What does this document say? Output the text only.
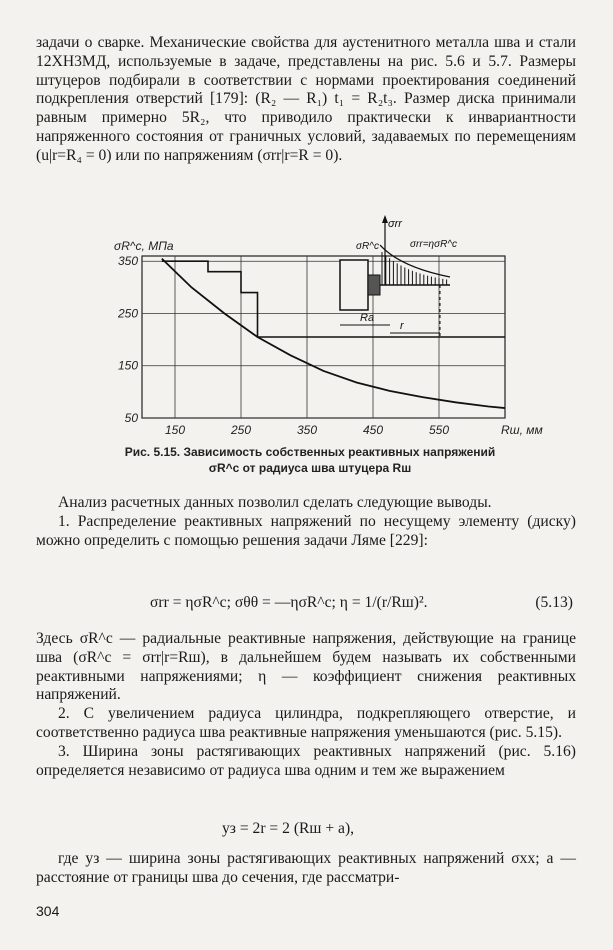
задачи о сварке. Механические свойства для аустенитного металла шва и стали 12ХН3МД, используемые в задаче, представлены на рис. 5.6 и 5.7. Размеры штуцеров подбирали в соответствии с нормами проектирования соединений подкрепления отверстий [179]: (R₂ — R₁) t₁ = R₂t₃. Размер диска принимали равным примерно 5R₂, что приводило практически к инвариантности напряженного состояния от граничных условий, задаваемых по перемещениям (u|r=R₄ = 0) или по напряжениям (σrr|r=R = 0).

150	250	350	450	550
50
150
250
350
σR^c, МПа
Rш, мм
σrr
σR^c	σrr=ησR^c
Rа
r
Рис. 5.15. Зависимость собственных реактивных напряжений σR^c от радиуса шва штуцера Rш

Анализ расчетных данных позволил сделать следующие выводы.

1. Распределение реактивных напряжений по несущему элементу (диску) можно определить с помощью решения задачи Ляме [229]:

σrr = ησR^c; σθθ = —ησR^c; η = 1/(r/Rш)².	(5.13)

Здесь σR^c — радиальные реактивные напряжения, действующие на границе шва (σR^c = σrr|r=Rш), в дальнейшем будем называть их собственными реактивными напряжениями; η — коэффициент снижения реактивных напряжений.

2. С увеличением радиуса цилиндра, подкрепляющего отверстие, и соответственно радиуса шва реактивные напряжения уменьшаются (рис. 5.15).

3. Ширина зоны растягивающих реактивных напряжений (рис. 5.16) определяется независимо от радиуса шва одним и тем же выражением

yз = 2r = 2 (Rш + a),

где yз — ширина зоны растягивающих реактивных напряжений σxx; a — расстояние от границы шва до сечения, где рассматри-

304
